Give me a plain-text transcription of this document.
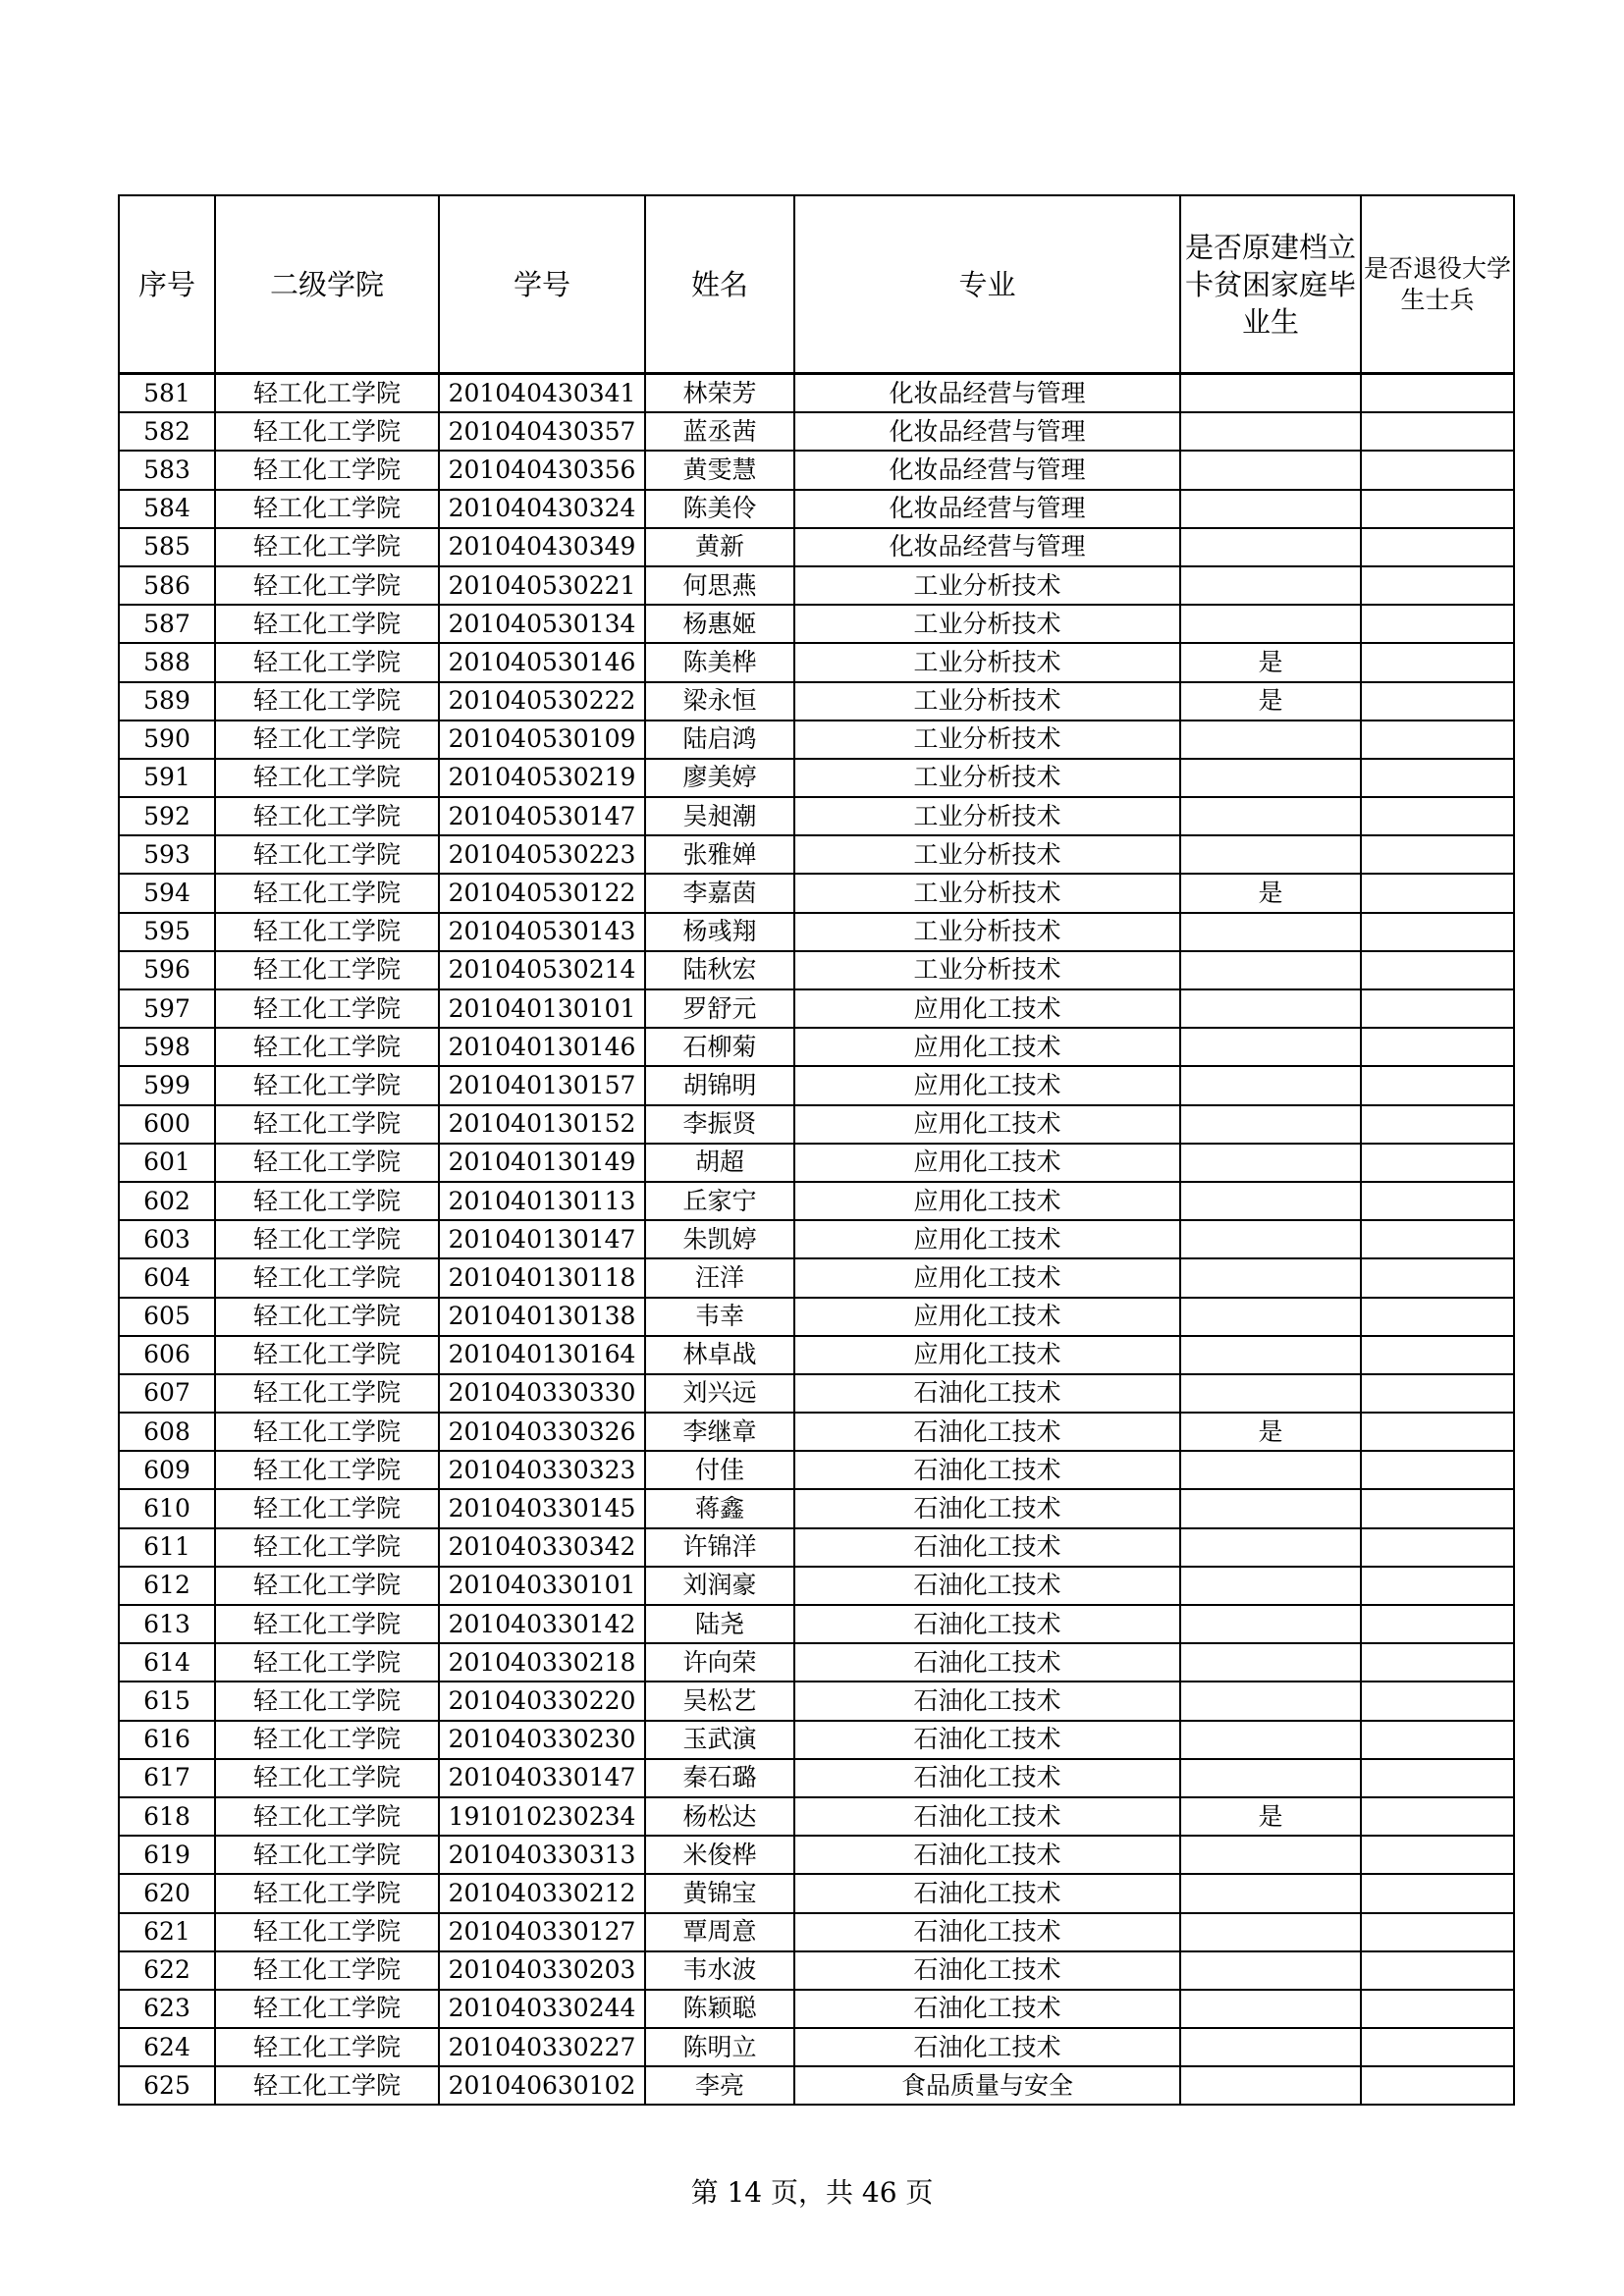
序号	二级学院	学号	姓名	专业	是否原建档立卡贫困家庭毕业生	是否退役大学生士兵
581	轻工化工学院	201040430341	林荣芳	化妆品经营与管理		
582	轻工化工学院	201040430357	蓝丞茜	化妆品经营与管理		
583	轻工化工学院	201040430356	黄雯慧	化妆品经营与管理		
584	轻工化工学院	201040430324	陈美伶	化妆品经营与管理		
585	轻工化工学院	201040430349	黄新	化妆品经营与管理		
586	轻工化工学院	201040530221	何思燕	工业分析技术		
587	轻工化工学院	201040530134	杨惠姬	工业分析技术		
588	轻工化工学院	201040530146	陈美桦	工业分析技术	是	
589	轻工化工学院	201040530222	梁永恒	工业分析技术	是	
590	轻工化工学院	201040530109	陆启鸿	工业分析技术		
591	轻工化工学院	201040530219	廖美婷	工业分析技术		
592	轻工化工学院	201040530147	吴昶潮	工业分析技术		
593	轻工化工学院	201040530223	张雅婵	工业分析技术		
594	轻工化工学院	201040530122	李嘉茵	工业分析技术	是	
595	轻工化工学院	201040530143	杨彧翔	工业分析技术		
596	轻工化工学院	201040530214	陆秋宏	工业分析技术		
597	轻工化工学院	201040130101	罗舒元	应用化工技术		
598	轻工化工学院	201040130146	石柳菊	应用化工技术		
599	轻工化工学院	201040130157	胡锦明	应用化工技术		
600	轻工化工学院	201040130152	李振贤	应用化工技术		
601	轻工化工学院	201040130149	胡超	应用化工技术		
602	轻工化工学院	201040130113	丘家宁	应用化工技术		
603	轻工化工学院	201040130147	朱凯婷	应用化工技术		
604	轻工化工学院	201040130118	汪洋	应用化工技术		
605	轻工化工学院	201040130138	韦幸	应用化工技术		
606	轻工化工学院	201040130164	林卓战	应用化工技术		
607	轻工化工学院	201040330330	刘兴远	石油化工技术		
608	轻工化工学院	201040330326	李继章	石油化工技术	是	
609	轻工化工学院	201040330323	付佳	石油化工技术		
610	轻工化工学院	201040330145	蒋鑫	石油化工技术		
611	轻工化工学院	201040330342	许锦洋	石油化工技术		
612	轻工化工学院	201040330101	刘润豪	石油化工技术		
613	轻工化工学院	201040330142	陆尧	石油化工技术		
614	轻工化工学院	201040330218	许向荣	石油化工技术		
615	轻工化工学院	201040330220	吴松艺	石油化工技术		
616	轻工化工学院	201040330230	玉武演	石油化工技术		
617	轻工化工学院	201040330147	秦石璐	石油化工技术		
618	轻工化工学院	191010230234	杨松达	石油化工技术	是	
619	轻工化工学院	201040330313	米俊桦	石油化工技术		
620	轻工化工学院	201040330212	黄锦宝	石油化工技术		
621	轻工化工学院	201040330127	覃周意	石油化工技术		
622	轻工化工学院	201040330203	韦水波	石油化工技术		
623	轻工化工学院	201040330244	陈颖聪	石油化工技术		
624	轻工化工学院	201040330227	陈明立	石油化工技术		
625	轻工化工学院	201040630102	李亮	食品质量与安全		
第 14 页，共 46 页
